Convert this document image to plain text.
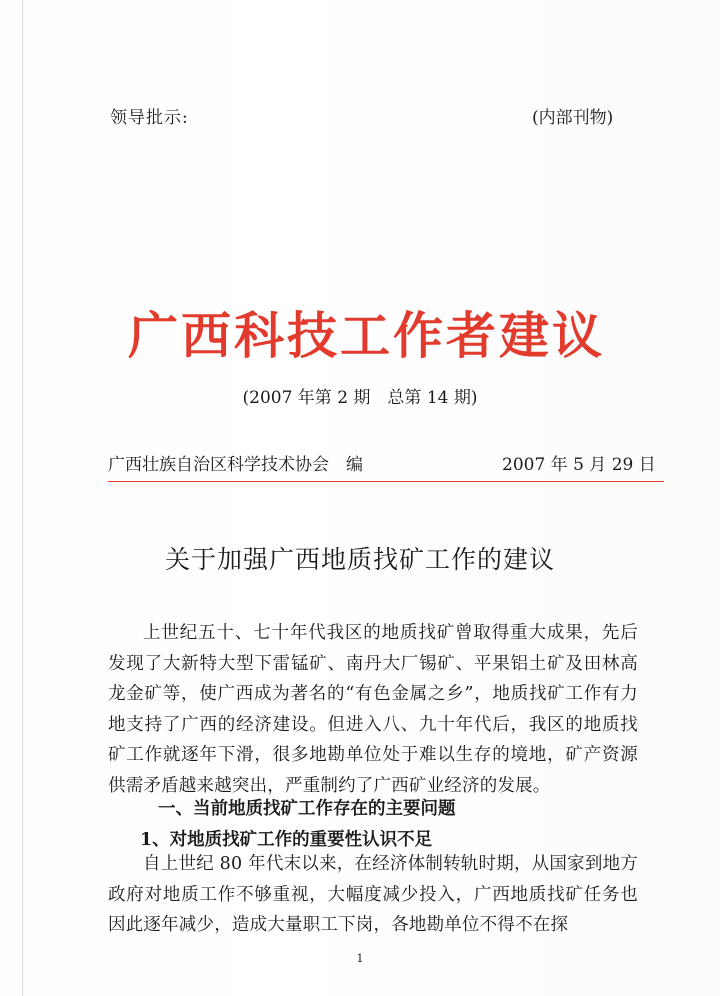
领导批示:	(内部刊物)
广西科技工作者建议
(2007 年第 2 期　总第 14 期)
广西壮族自治区科学技术协会　编	2007 年 5 月 29 日
关于加强广西地质找矿工作的建议

上世纪五十、七十年代我区的地质找矿曾取得重大成果，先后发现了大新特大型下雷锰矿、南丹大厂锡矿、平果铝土矿及田林高龙金矿等，使广西成为著名的“有色金属之乡”，地质找矿工作有力地支持了广西的经济建设。但进入八、九十年代后，我区的地质找矿工作就逐年下滑，很多地勘单位处于难以生存的境地，矿产资源供需矛盾越来越突出，严重制约了广西矿业经济的发展。

一、当前地质找矿工作存在的主要问题
1、对地质找矿工作的重要性认识不足

自上世纪 80 年代末以来，在经济体制转轨时期，从国家到地方政府对地质工作不够重视，大幅度减少投入，广西地质找矿任务也因此逐年减少，造成大量职工下岗，各地勘单位不得不在探

1
